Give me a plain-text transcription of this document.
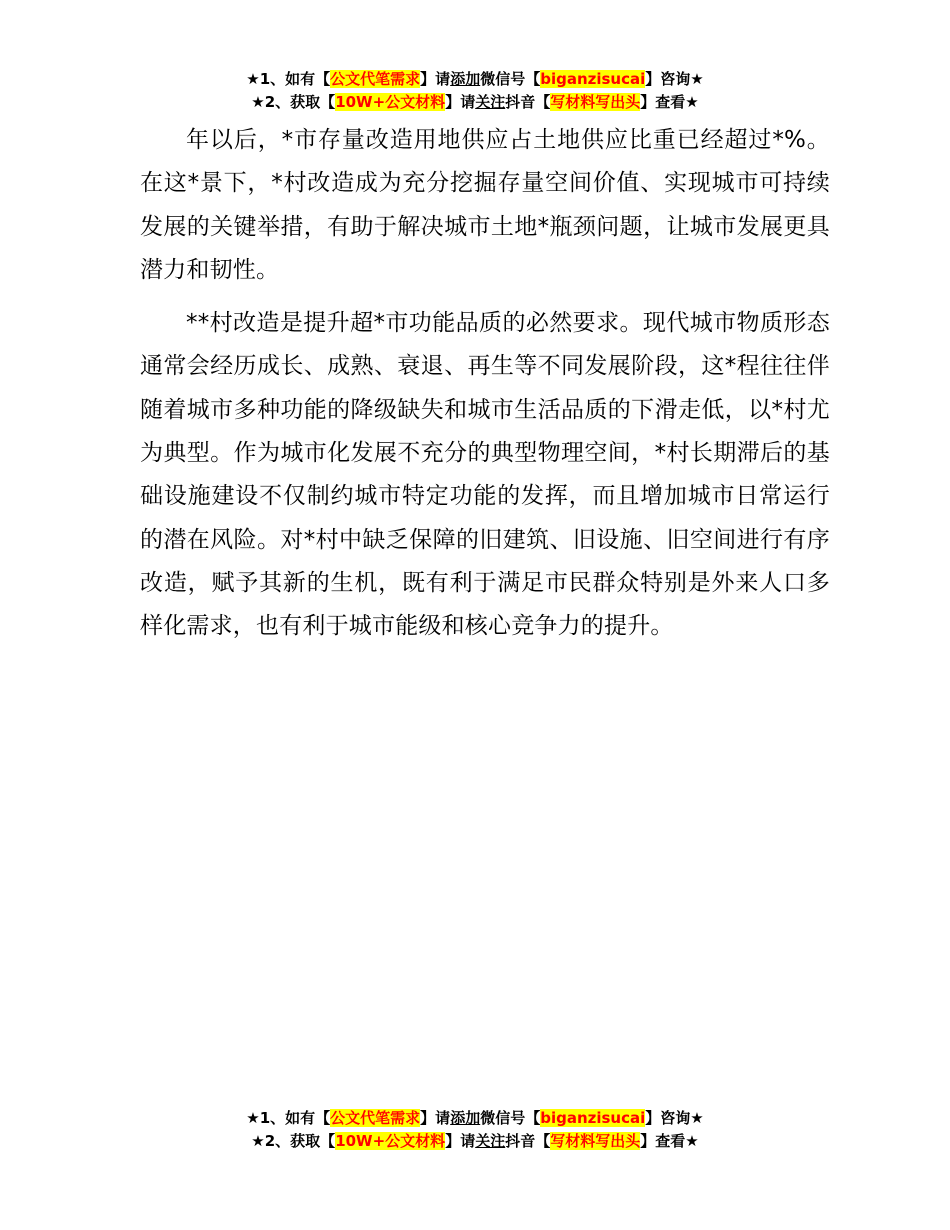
★1、如有【公文代笔需求】请添加微信号【biganzisucai】咨询★
★2、获取【10W+公文材料】请关注抖音【写材料写出头】查看★

年以后，*市存量改造用地供应占土地供应比重已经超过*%。在这*景下，*村改造成为充分挖掘存量空间价值、实现城市可持续发展的关键举措，有助于解决城市土地*瓶颈问题，让城市发展更具潜力和韧性。

**村改造是提升超*市功能品质的必然要求。现代城市物质形态通常会经历成长、成熟、衰退、再生等不同发展阶段，这*程往往伴随着城市多种功能的降级缺失和城市生活品质的下滑走低，以*村尤为典型。作为城市化发展不充分的典型物理空间，*村长期滞后的基础设施建设不仅制约城市特定功能的发挥，而且增加城市日常运行的潜在风险。对*村中缺乏保障的旧建筑、旧设施、旧空间进行有序改造，赋予其新的生机，既有利于满足市民群众特别是外来人口多样化需求，也有利于城市能级和核心竞争力的提升。

★1、如有【公文代笔需求】请添加微信号【biganzisucai】咨询★
★2、获取【10W+公文材料】请关注抖音【写材料写出头】查看★
